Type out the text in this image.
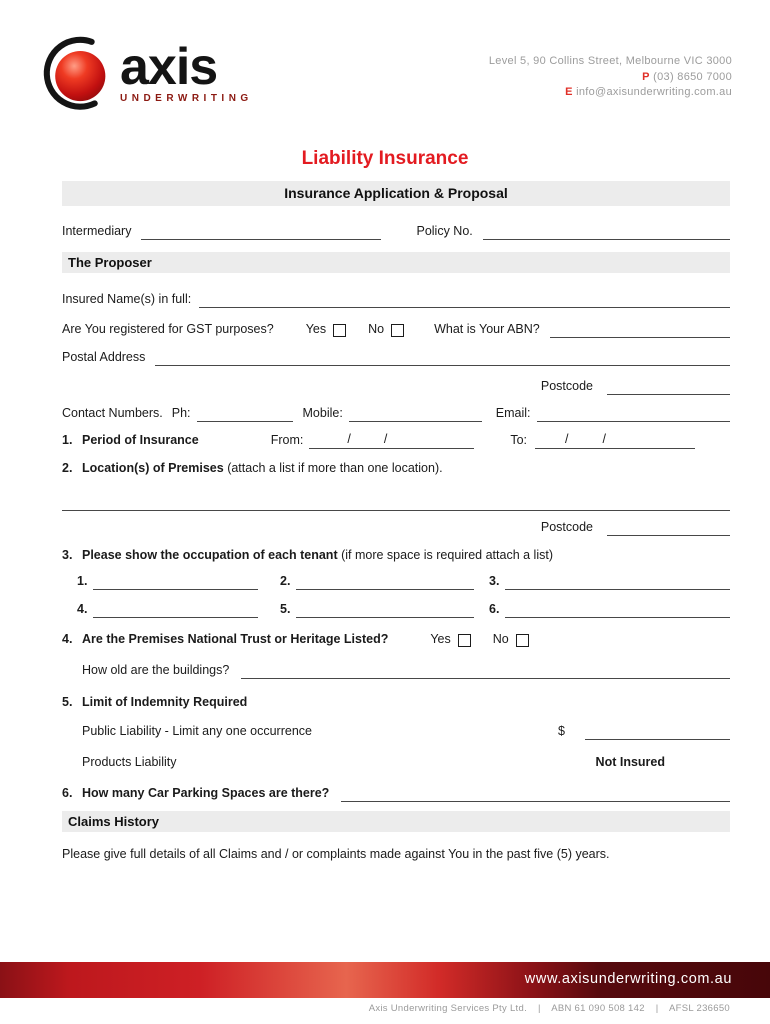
axis
UNDERWRITING
Level 5, 90 Collins Street, Melbourne VIC 3000
P (03) 8650 7000
E info@axisunderwriting.com.au
Liability Insurance
Insurance Application & Proposal
Intermediary	Policy No.
The Proposer
Insured Name(s) in full:
Are You registered for GST purposes?	Yes	No	What is Your ABN?
Postal Address
Postcode
Contact Numbers. Ph:	Mobile:	Email:
1. Period of Insurance	From:	/	/	To:	/	/
2. Location(s) of Premises (attach a list if more than one location).
Postcode
3. Please show the occupation of each tenant (if more space is required attach a list)
1.	2.	3.
4.	5.	6.
4. Are the Premises National Trust or Heritage Listed?	Yes	No
How old are the buildings?
5. Limit of Indemnity Required
Public Liability - Limit any one occurrence	$
Products Liability	Not Insured
6. How many Car Parking Spaces are there?
Claims History
Please give full details of all Claims and / or complaints made against You in the past five (5) years.
www.axisunderwriting.com.au
Axis Underwriting Services Pty Ltd. | ABN 61 090 508 142 | AFSL 236650
